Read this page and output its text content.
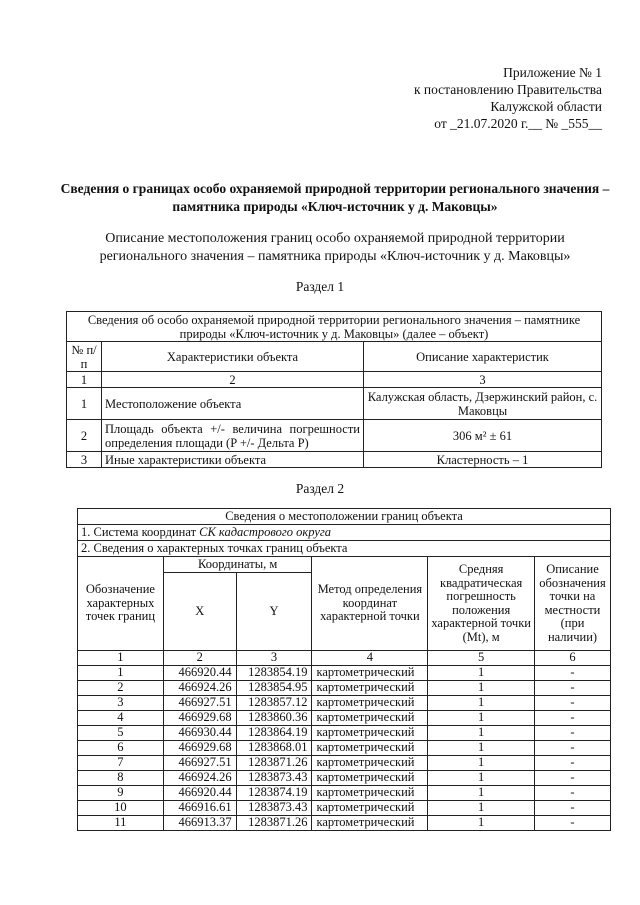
Приложение № 1
к постановлению Правительства
Калужской области
от _21.07.2020 г.__ № _555__
Сведения о границах особо охраняемой природной территории регионального значения – памятника природы «Ключ-источник у д. Маковцы»
Описание местоположения границ особо охраняемой природной территории регионального значения – памятника природы «Ключ-источник у д. Маковцы»
Раздел 1
Сведения об особо охраняемой природной территории регионального значения – памятнике природы «Ключ-источник у д. Маковцы» (далее – объект)		
№ п/п	Характеристики объекта	Описание характеристик
1	2	3
1	Местоположение объекта	Калужская область, Дзержинский район, с. Маковцы
2	Площадь объекта +/- величина погрешности определения площади (P +/- Дельта P)	306 м² ± 61
3	Иные характеристики объекта	Кластерность – 1
Раздел 2
Сведения о местоположении границ объекта					
1. Система координат СК кадастрового округа					
2. Сведения о характерных точках границ объекта					
Обозначение характерных точек границ	Координаты, м		Метод определения координат характерной точки	Средняя квадратическая погрешность положения характерной точки (Mt), м	Описание обозначения точки на местности (при наличии)
	X	Y			
1	2	3	4	5	6
1	466920.44	1283854.19	картометрический	1	-
2	466924.26	1283854.95	картометрический	1	-
3	466927.51	1283857.12	картометрический	1	-
4	466929.68	1283860.36	картометрический	1	-
5	466930.44	1283864.19	картометрический	1	-
6	466929.68	1283868.01	картометрический	1	-
7	466927.51	1283871.26	картометрический	1	-
8	466924.26	1283873.43	картометрический	1	-
9	466920.44	1283874.19	картометрический	1	-
10	466916.61	1283873.43	картометрический	1	-
11	466913.37	1283871.26	картометрический	1	-
